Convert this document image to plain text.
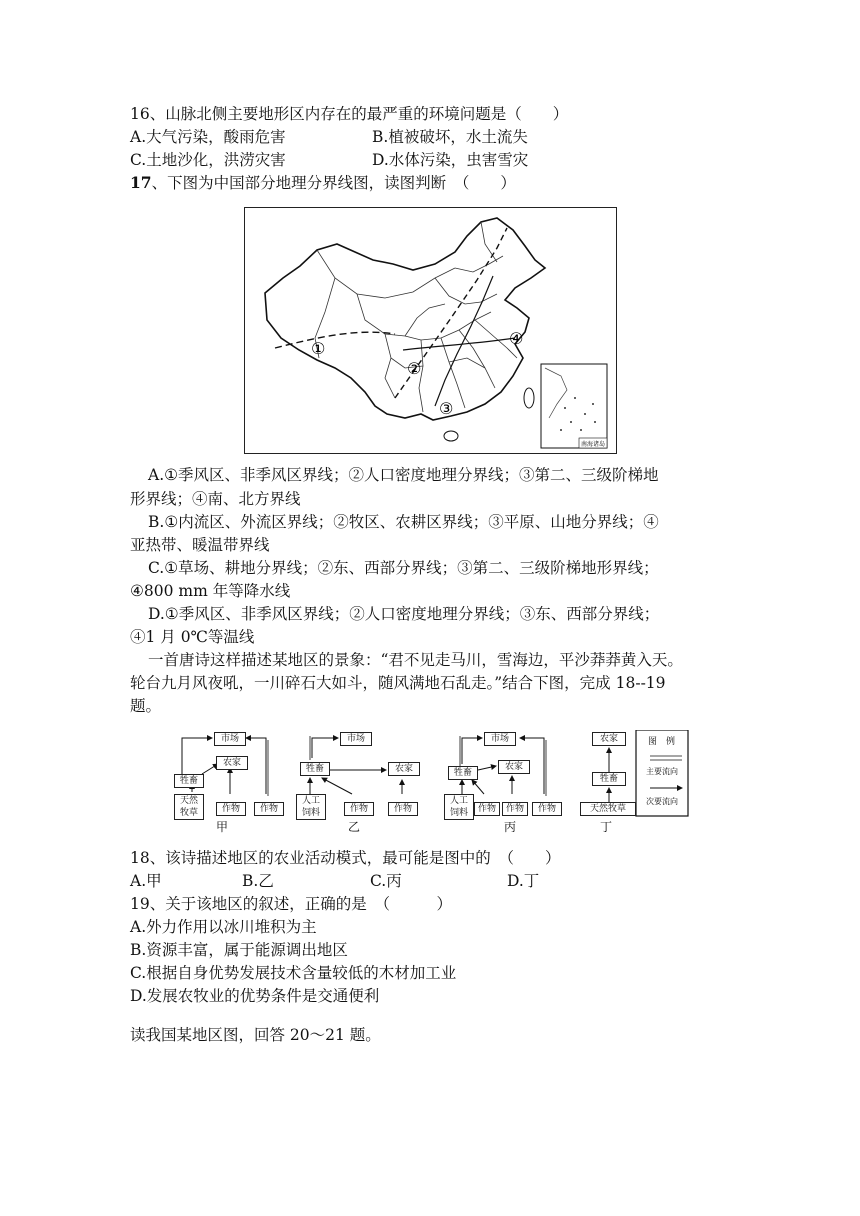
16、山脉北侧主要地形区内存在的最严重的环境问题是（　　）
A.大气污染，酸雨危害	B.植被破坏，水土流失
C.土地沙化，洪涝灾害	D.水体污染，虫害雪灾
17、下图为中国部分地理分界线图，读图判断　（　　）
①
②
③
④
南海诸岛
A.①季风区、非季风区界线；②人口密度地理分界线；③第二、三级阶梯地
形界线；④南、北方界线
B.①内流区、外流区界线；②牧区、农耕区界线；③平原、山地分界线；④
亚热带、暖温带界线
C.①草场、耕地分界线；②东、西部分界线；③第二、三级阶梯地形界线；
④800 mm 年等降水线
D.①季风区、非季风区界线；②人口密度地理分界线；③东、西部分界线；
④1 月 0℃等温线
一首唐诗这样描述某地区的景象：“君不见走马川，雪海边，平沙莽莽黄入天。
轮台九月风夜吼，一川碎石大如斗，随风满地石乱走。”结合下图，完成 18--19
题。
市场
农家
牲畜
天然
牧草	作物	作物
甲
市场
牲畜	农家
人工
饲料	作物	作物
乙
市场
农家
牲畜
人工
饲料	作物	作物	作物
丙
农家
牲畜
天然牧草
丁
图　例
主要流向
次要流向
18、该诗描述地区的农业活动模式，最可能是图中的　（　　）
A.甲	B.乙	C.丙	D.丁
19、关于该地区的叙述，正确的是　（　　　）
A.外力作用以冰川堆积为主
B.资源丰富，属于能源调出地区
C.根据自身优势发展技术含量较低的木材加工业
D.发展农牧业的优势条件是交通便利
读我国某地区图，回答 20～21 题。
